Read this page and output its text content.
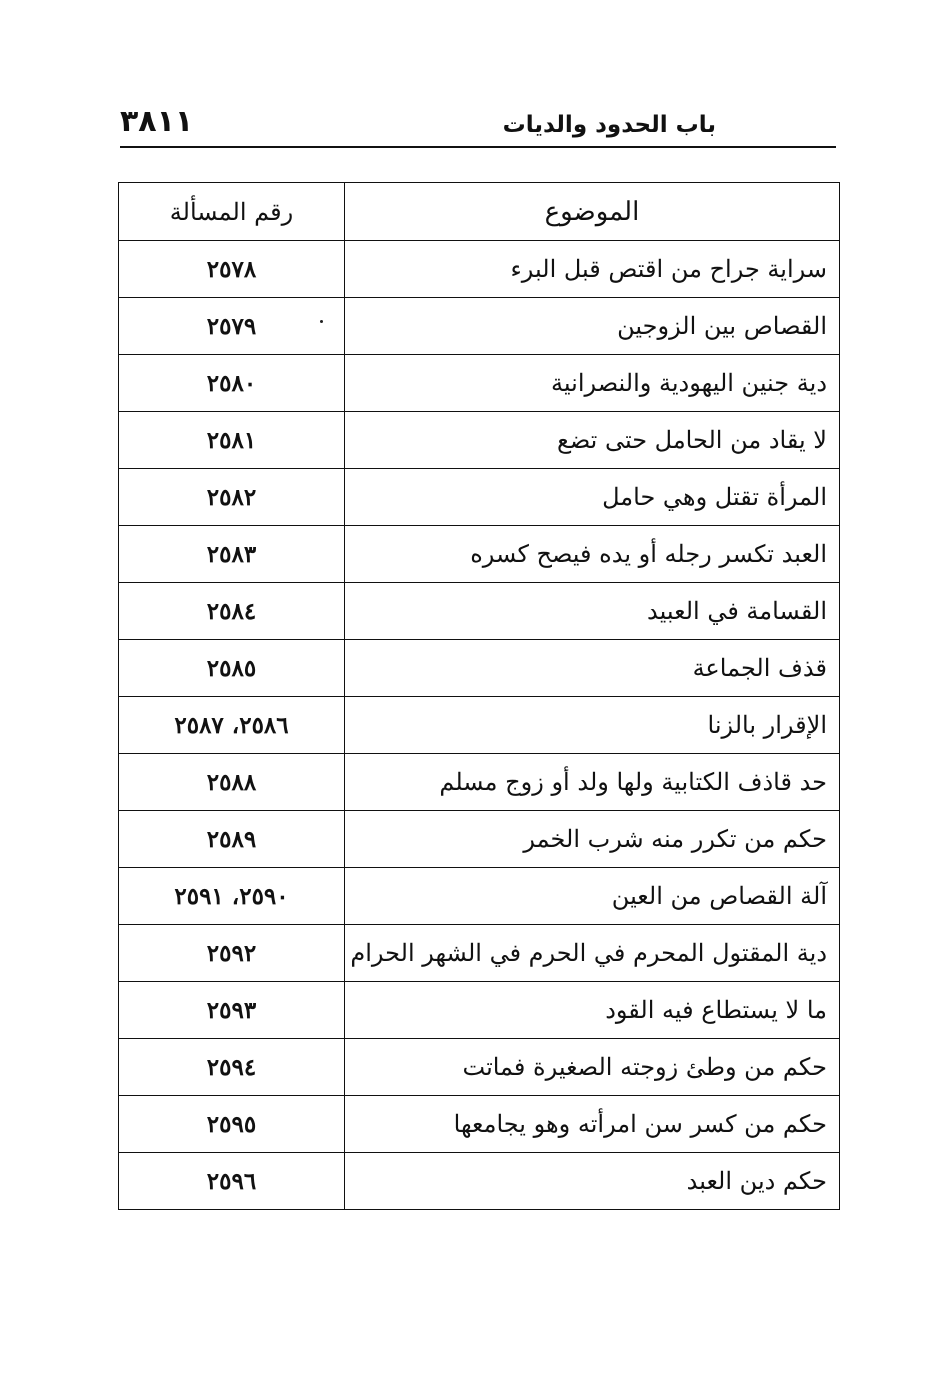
باب الحدود والديات
٣٨١١
الموضوع	رقم المسألة
سراية جراح من اقتص قبل البرء	٢٥٧٨
القصاص بين الزوجين	٢٥٧٩
دية جنين اليهودية والنصرانية	٢٥٨٠
لا يقاد من الحامل حتى تضع	٢٥٨١
المرأة تقتل وهي حامل	٢٥٨٢
العبد تكسر رجله أو يده فيصح كسره	٢٥٨٣
القسامة في العبيد	٢٥٨٤
قذف الجماعة	٢٥٨٥
الإقرار بالزنا	٢٥٨٦، ٢٥٨٧
حد قاذف الكتابية ولها ولد أو زوج مسلم	٢٥٨٨
حكم من تكرر منه شرب الخمر	٢٥٨٩
آلة القصاص من العين	٢٥٩٠، ٢٥٩١
دية المقتول المحرم في الحرم في الشهر الحرام	٢٥٩٢
ما لا يستطاع فيه القود	٢٥٩٣
حكم من وطئ زوجته الصغيرة فماتت	٢٥٩٤
حكم من كسر سن امرأته وهو يجامعها	٢٥٩٥
حكم دين العبد	٢٥٩٦
